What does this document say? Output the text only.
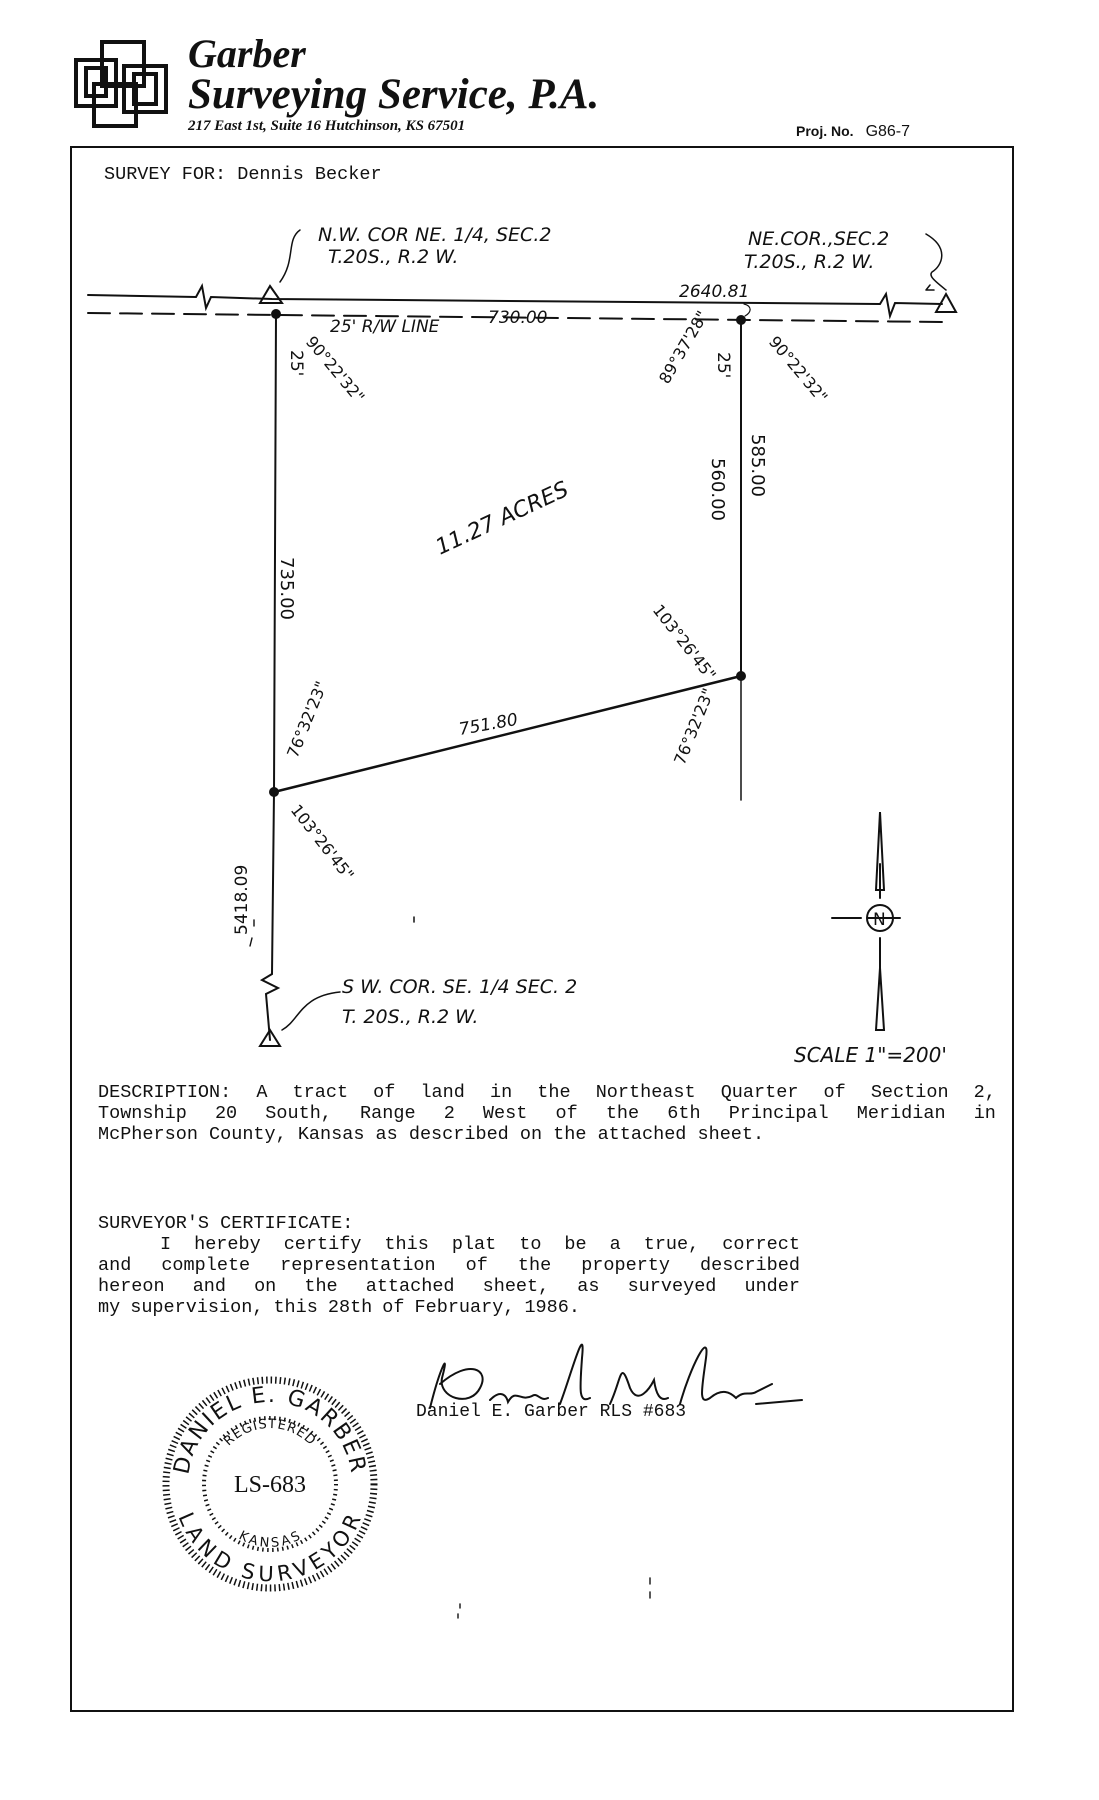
Garber
Surveying Service, P.A.
217 East 1st, Suite 16 Hutchinson, KS 67501	Proj. No. G86-7
SURVEY FOR: Dennis Becker
N.W. COR NE. 1/4, SEC.2
T.20S., R.2 W.
NE.COR.,SEC.2
T.20S., R.2 W.
2640.81
25' R/W LINE	730.00
25'	25'
90°22'32"	89°37'28"	90°22'32"
11.27 ACRES
735.00
560.00 585.00
103°26'45"
76°32'23"
751.80
76°32'23"
103°26'45"
5418.09
S W. COR. SE. 1/4 SEC. 2
T. 20S., R.2 W.
N
SCALE 1"=200'
DESCRIPTION: A tract of land in the Northeast Quarter of Section 2,
Township 20 South, Range 2 West of the 6th Principal Meridian in
McPherson County, Kansas as described on the attached sheet.
SURVEYOR'S CERTIFICATE:
I hereby certify this plat to be a true, correct
and complete representation of the property described
hereon and on the attached sheet, as surveyed under
my supervision, this 28th of February, 1986.
Daniel E. Garber RLS #683
DANIEL E. GARBER
LAND SURVEYOR
REGISTERED
KANSAS
LS-683
